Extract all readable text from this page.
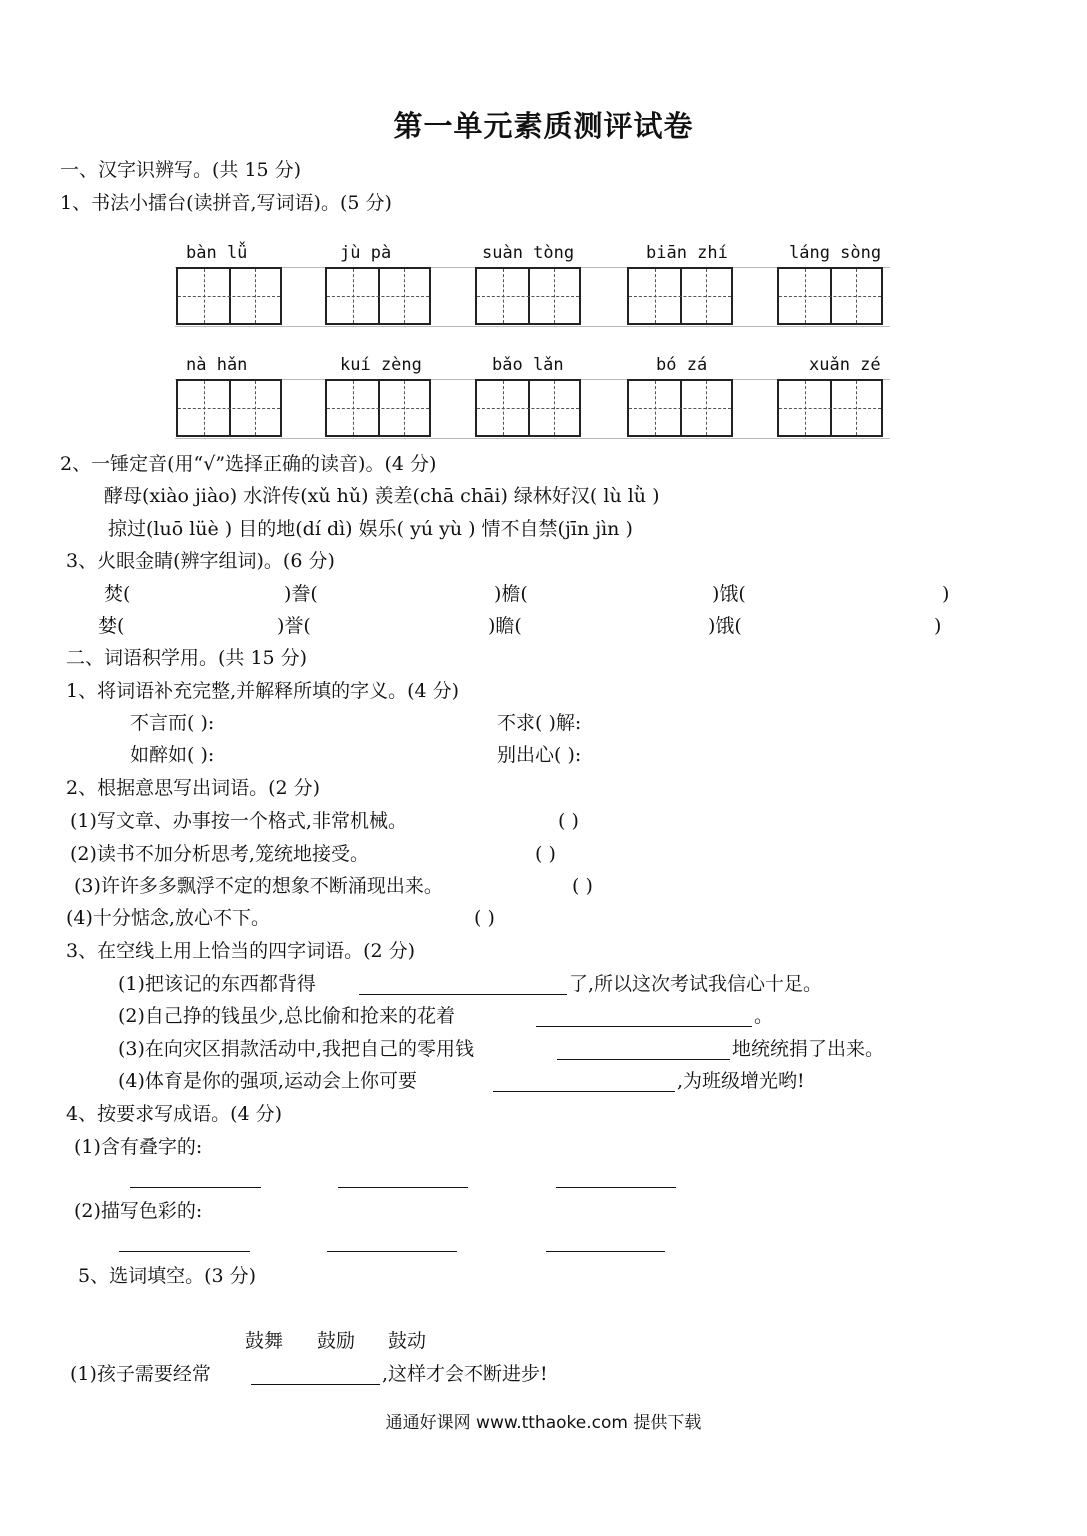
第一单元素质测评试卷
一、汉字识辨写。(共 15 分)
1、书法小擂台(读拼音,写词语)。(5 分)
bàn lǚ	jù pà	suàn tòng	biān zhí	láng sòng
nà hǎn	kuí zèng	bǎo lǎn	bó zá	xuǎn zé
2、一锤定音(用“√”选择正确的读音)。(4 分)
酵母(xiào jiào) 水浒传(xǔ hǔ) 羡差(chā chāi) 绿林好汉( lù lǜ )
掠过(luō lüè ) 目的地(dí dì) 娱乐( yú yù ) 情不自禁(jīn jìn )
3、火眼金睛(辨字组词)。(6 分)
焚(	)誊(	)檐(	)饿(	)
婪(	)誉(	)瞻(	)饿(	)
二、词语积学用。(共 15 分)
1、将词语补充完整,并解释所填的字义。(4 分)
不言而( ):	不求( )解:
如醉如( ):	别出心( ):
2、根据意思写出词语。(2 分)
(1)写文章、办事按一个格式,非常机械。	( )
(2)读书不加分析思考,笼统地接受。	( )
(3)许许多多飘浮不定的想象不断涌现出来。	( )
(4)十分惦念,放心不下。	( )
3、在空线上用上恰当的四字词语。(2 分)
(1)把该记的东西都背得	了,所以这次考试我信心十足。
(2)自己挣的钱虽少,总比偷和抢来的花着	。
(3)在向灾区捐款活动中,我把自己的零用钱	地统统捐了出来。
(4)体育是你的强项,运动会上你可要	,为班级增光哟!
4、按要求写成语。(4 分)
(1)含有叠字的:
(2)描写色彩的:
5、选词填空。(3 分)
鼓舞 鼓励 鼓动
(1)孩子需要经常	,这样才会不断进步!
通通好课网 www.tthaoke.com 提供下载
